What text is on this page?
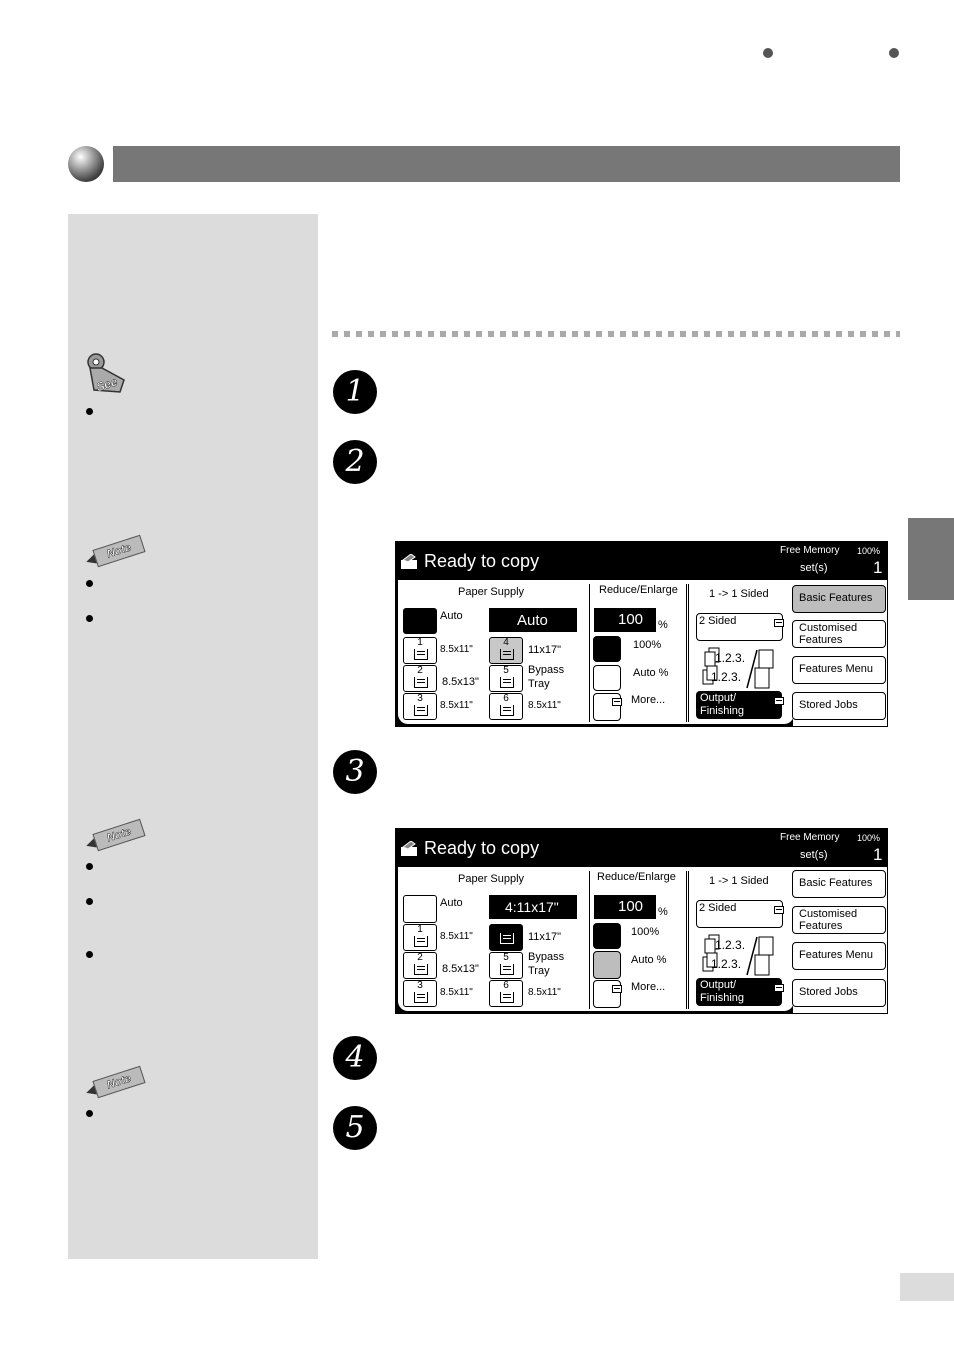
See
Note
Note
Note
1
2
3
4
5
Ready to copy
Free Memory 100%
set(s)	1
Paper Supply
Auto	Auto
1
8.5x11"
2
8.5x13"
3
8.5x11"
4
11x17"
5	Bypass
Tray
6
8.5x11"
Reduce/Enlarge
100 %
100%
Auto %
More...
1 -> 1 Sided
2 Sided
1.2.3.
1.2.3.
Output/
Finishing
Basic Features
Customised
Features
Features Menu
Stored Jobs
Ready to copy
Free Memory 100%
set(s)	1
Paper Supply
Auto	4:11x17"
1
8.5x11"
2
8.5x13"
3
8.5x11"
11x17"
5	Bypass
Tray
6
8.5x11"
Reduce/Enlarge
100 %
100%
Auto %
More...
1 -> 1 Sided
2 Sided
1.2.3.
1.2.3.
Output/
Finishing
Basic Features
Customised
Features
Features Menu
Stored Jobs
